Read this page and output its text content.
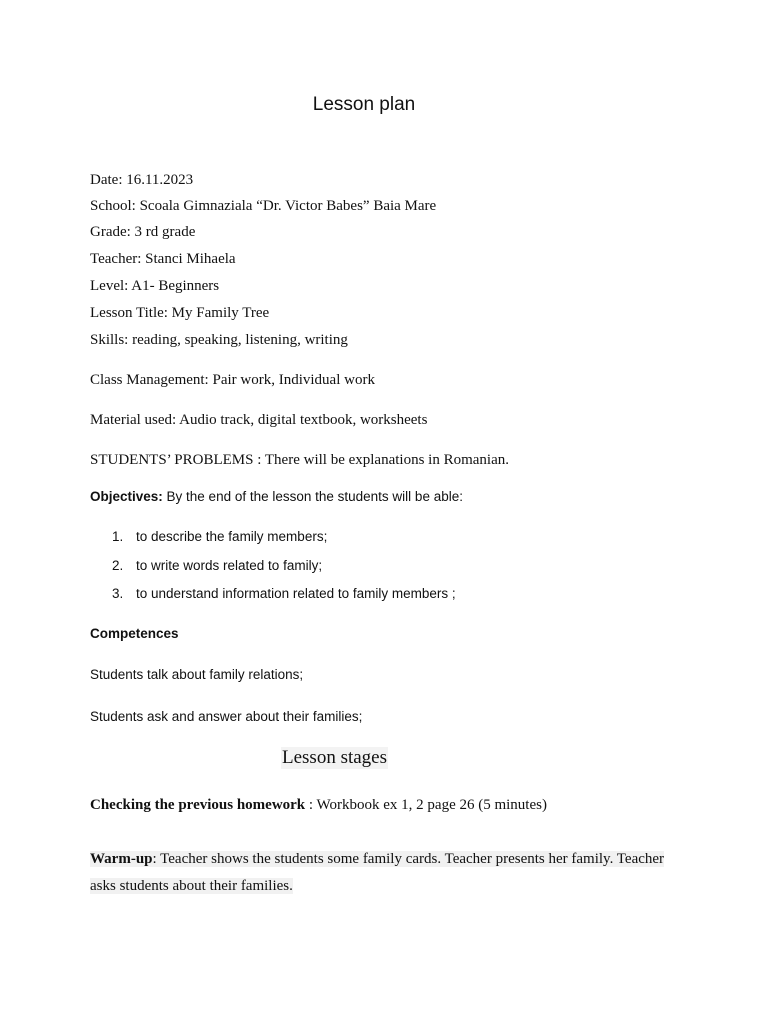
Lesson plan
Date: 16.11.2023
School: Scoala Gimnaziala “Dr. Victor Babes” Baia Mare
Grade: 3 rd grade
Teacher: Stanci Mihaela
Level: A1- Beginners
Lesson Title: My Family Tree
Skills: reading, speaking, listening, writing
Class Management: Pair work, Individual work
Material used: Audio track, digital textbook, worksheets
STUDENTS’ PROBLEMS : There will be explanations in Romanian.
Objectives: By the end of the lesson the students will be able:
1. to describe the family members;
2. to write words related to family;
3. to understand information related to family members ;
Competences
Students talk about family relations;
Students ask and answer about their families;
Lesson stages
Checking the previous homework : Workbook ex 1, 2 page 26 (5 minutes)
Warm-up: Teacher shows the students some family cards. Teacher presents her family. Teacher
asks students about their families.
